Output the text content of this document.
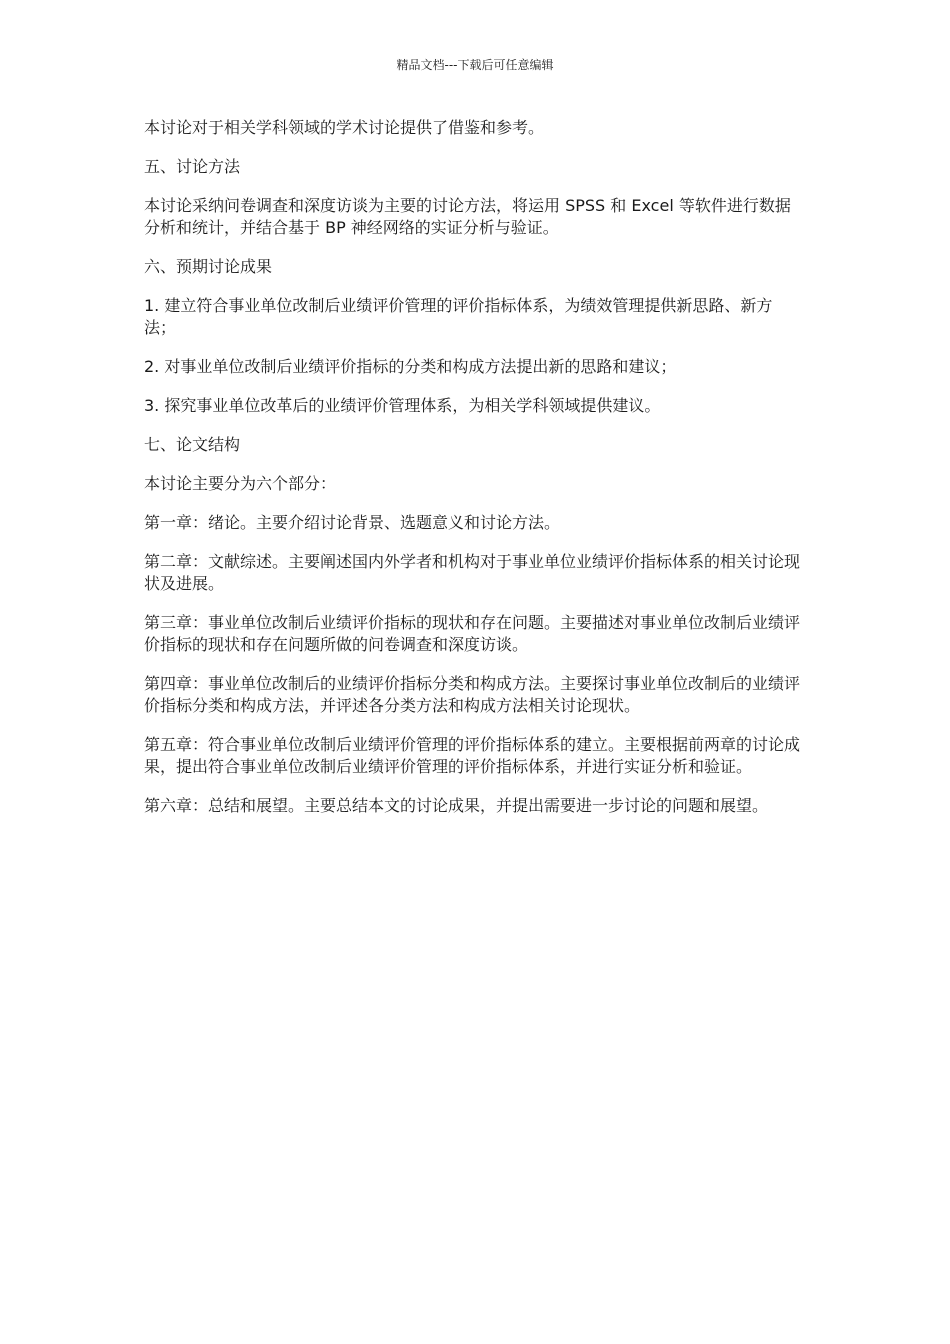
精品文档---下载后可任意编辑

本讨论对于相关学科领域的学术讨论提供了借鉴和参考。

五、讨论方法

本讨论采纳问卷调查和深度访谈为主要的讨论方法，将运用 SPSS 和 Excel 等软件进行数据分析和统计，并结合基于 BP 神经网络的实证分析与验证。

六、预期讨论成果

1. 建立符合事业单位改制后业绩评价管理的评价指标体系，为绩效管理提供新思路、新方法；

2. 对事业单位改制后业绩评价指标的分类和构成方法提出新的思路和建议；

3. 探究事业单位改革后的业绩评价管理体系，为相关学科领域提供建议。

七、论文结构

本讨论主要分为六个部分：

第一章：绪论。主要介绍讨论背景、选题意义和讨论方法。

第二章：文献综述。主要阐述国内外学者和机构对于事业单位业绩评价指标体系的相关讨论现状及进展。

第三章：事业单位改制后业绩评价指标的现状和存在问题。主要描述对事业单位改制后业绩评价指标的现状和存在问题所做的问卷调查和深度访谈。

第四章：事业单位改制后的业绩评价指标分类和构成方法。主要探讨事业单位改制后的业绩评价指标分类和构成方法，并评述各分类方法和构成方法相关讨论现状。

第五章：符合事业单位改制后业绩评价管理的评价指标体系的建立。主要根据前两章的讨论成果，提出符合事业单位改制后业绩评价管理的评价指标体系，并进行实证分析和验证。

第六章：总结和展望。主要总结本文的讨论成果，并提出需要进一步讨论的问题和展望。
